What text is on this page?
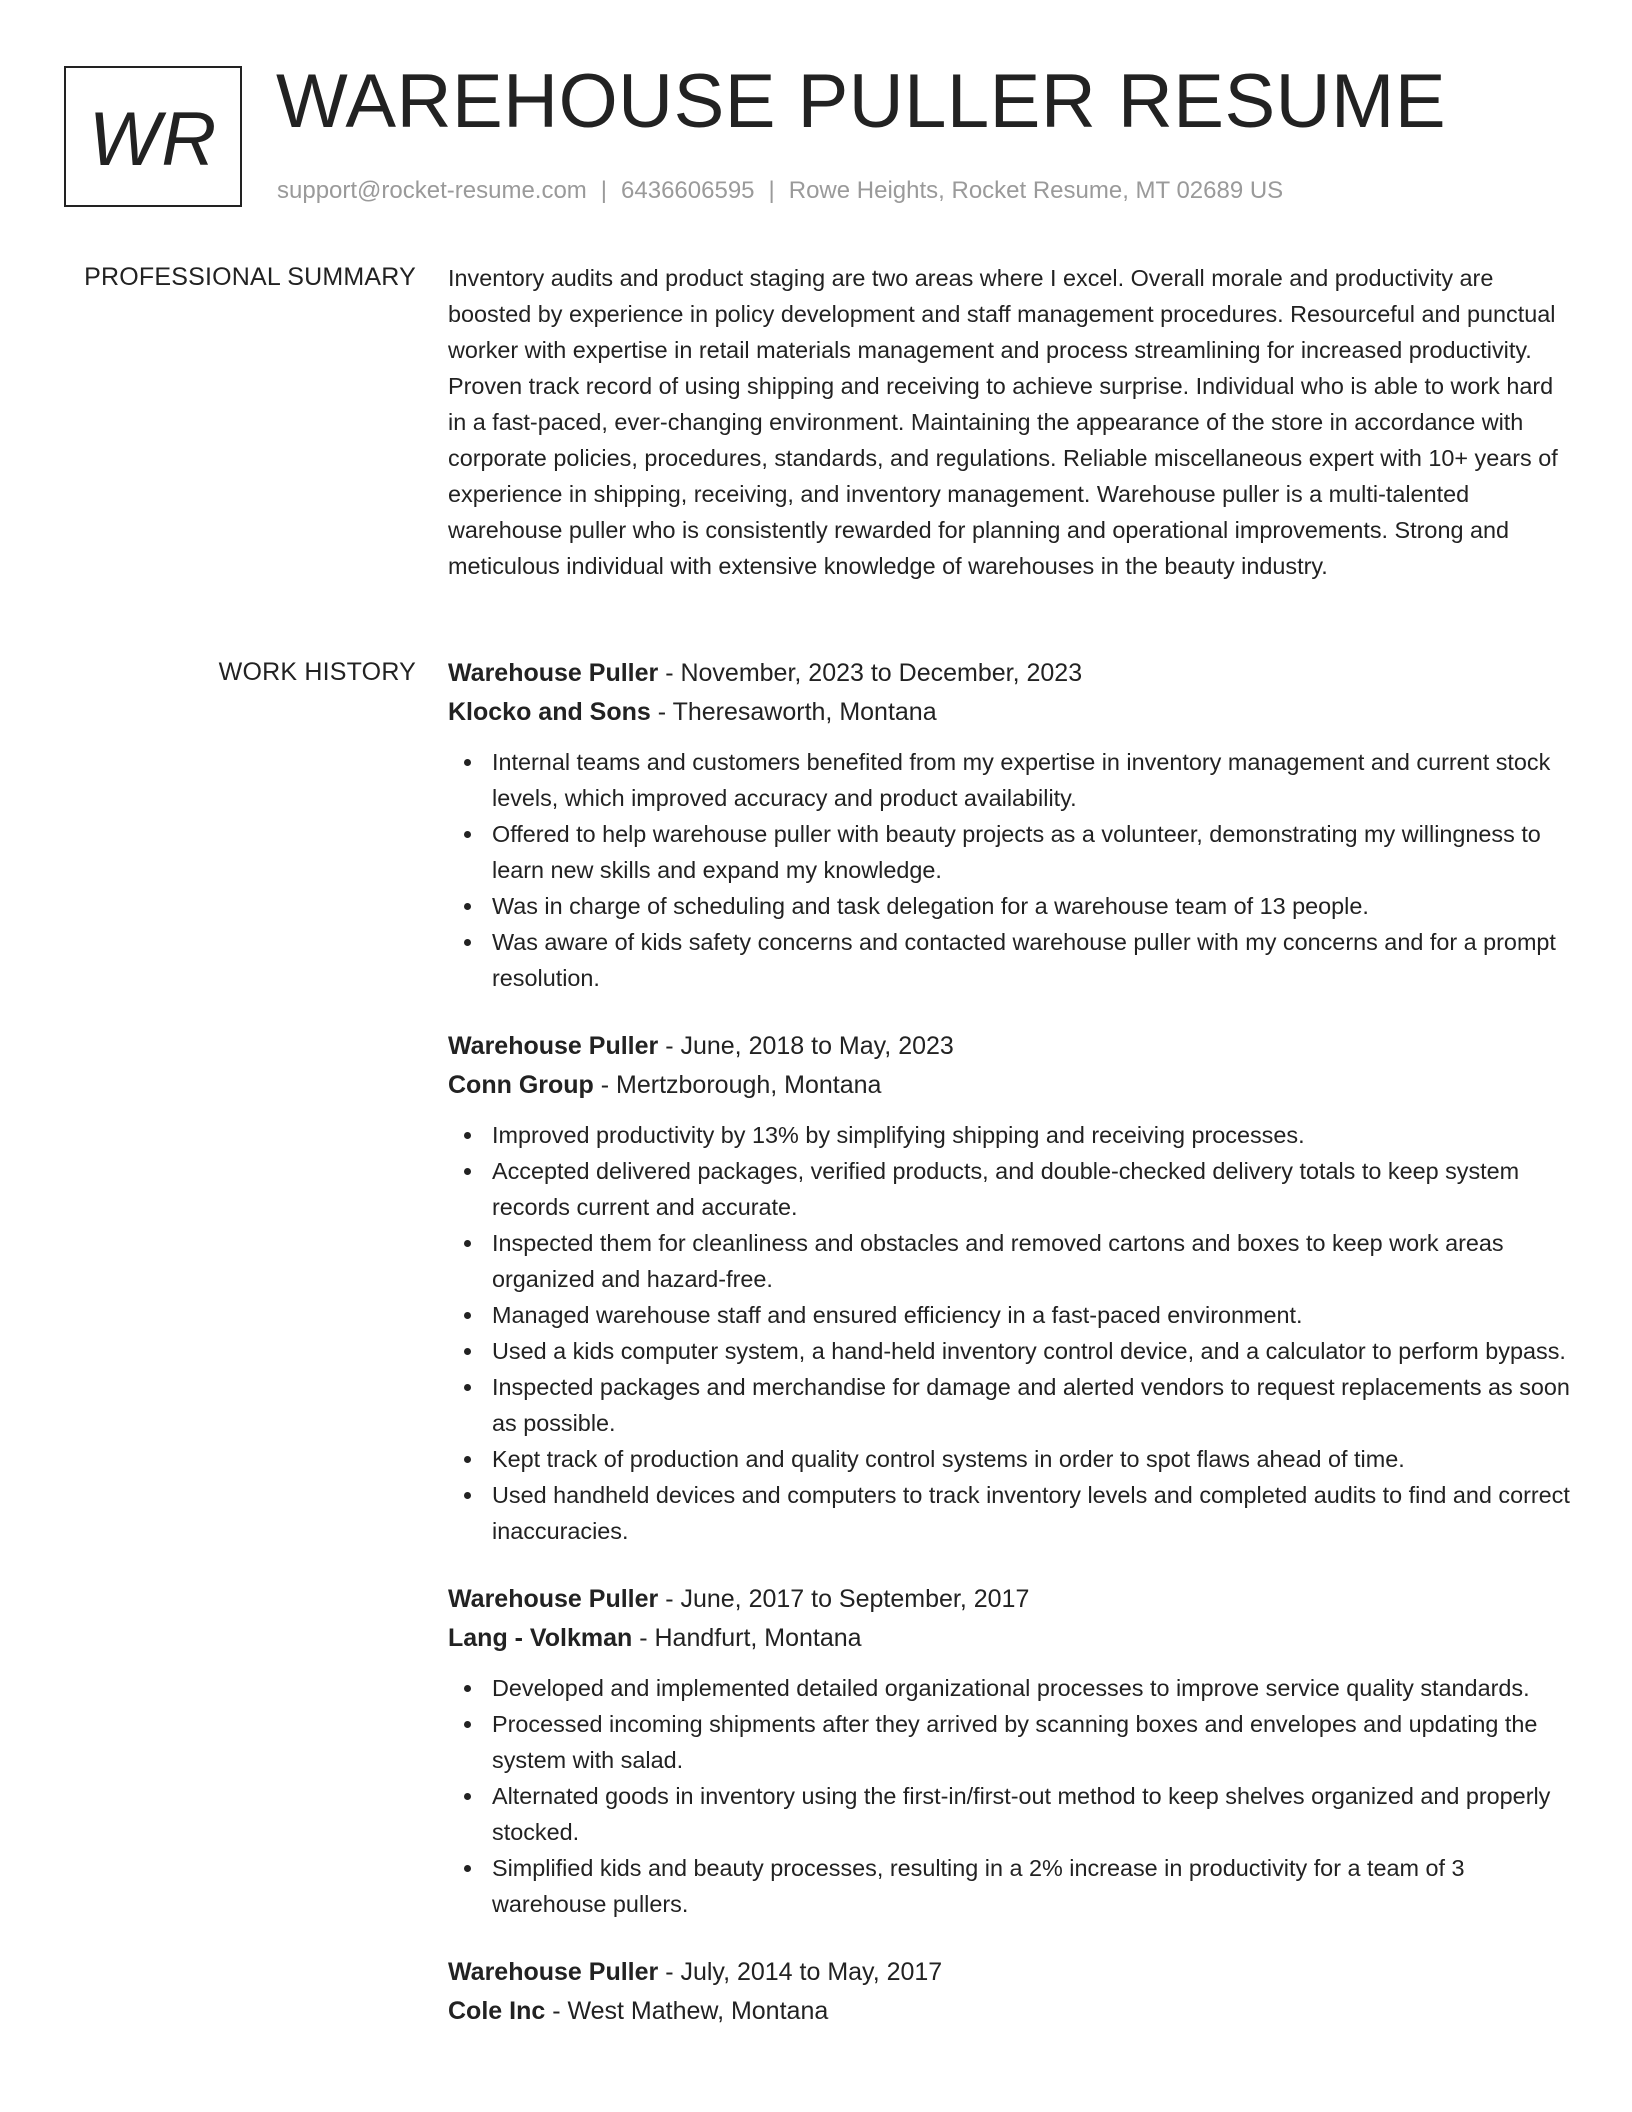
WR WAREHOUSE PULLER RESUME
support@rocket-resume.com | 6436606595 | Rowe Heights, Rocket Resume, MT 02689 US
PROFESSIONAL SUMMARY Inventory audits and product staging are two areas where I excel. Overall morale and productivity are boosted by experience in policy development and staff management procedures. Resourceful and punctual worker with expertise in retail materials management and process streamlining for increased productivity. Proven track record of using shipping and receiving to achieve surprise. Individual who is able to work hard in a fast-paced, ever-changing environment. Maintaining the appearance of the store in accordance with corporate policies, procedures, standards, and regulations. Reliable miscellaneous expert with 10+ years of experience in shipping, receiving, and inventory management. Warehouse puller is a multi-talented warehouse puller who is consistently rewarded for planning and operational improvements. Strong and meticulous individual with extensive knowledge of warehouses in the beauty industry.

WORK HISTORY Warehouse Puller - November, 2023 to December, 2023
Klocko and Sons - Theresaworth, Montana
Internal teams and customers benefited from my expertise in inventory management and current stock levels, which improved accuracy and product availability.
Offered to help warehouse puller with beauty projects as a volunteer, demonstrating my willingness to learn new skills and expand my knowledge.
Was in charge of scheduling and task delegation for a warehouse team of 13 people.
Was aware of kids safety concerns and contacted warehouse puller with my concerns and for a prompt resolution.
Warehouse Puller - June, 2018 to May, 2023
Conn Group - Mertzborough, Montana
Improved productivity by 13% by simplifying shipping and receiving processes.
Accepted delivered packages, verified products, and double-checked delivery totals to keep system records current and accurate.
Inspected them for cleanliness and obstacles and removed cartons and boxes to keep work areas organized and hazard-free.
Managed warehouse staff and ensured efficiency in a fast-paced environment.
Used a kids computer system, a hand-held inventory control device, and a calculator to perform bypass.
Inspected packages and merchandise for damage and alerted vendors to request replacements as soon as possible.
Kept track of production and quality control systems in order to spot flaws ahead of time.
Used handheld devices and computers to track inventory levels and completed audits to find and correct inaccuracies.
Warehouse Puller - June, 2017 to September, 2017
Lang - Volkman - Handfurt, Montana
Developed and implemented detailed organizational processes to improve service quality standards.
Processed incoming shipments after they arrived by scanning boxes and envelopes and updating the system with salad.
Alternated goods in inventory using the first-in/first-out method to keep shelves organized and properly stocked.
Simplified kids and beauty processes, resulting in a 2% increase in productivity for a team of 3 warehouse pullers.
Warehouse Puller - July, 2014 to May, 2017
Cole Inc - West Mathew, Montana
